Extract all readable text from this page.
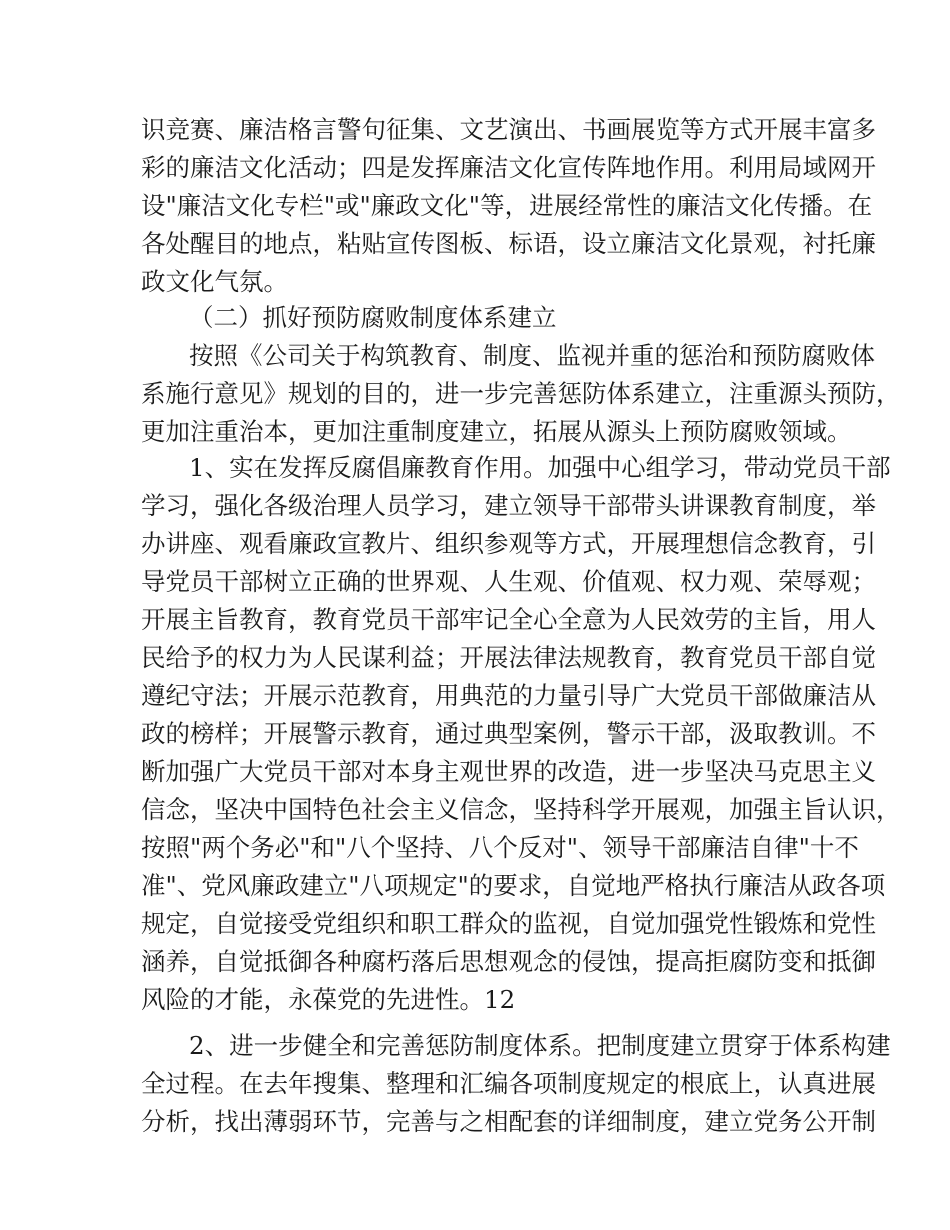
识竞赛、廉洁格言警句征集、文艺演出、书画展览等方式开展丰富多
彩的廉洁文化活动；四是发挥廉洁文化宣传阵地作用。利用局域网开
设"廉洁文化专栏"或"廉政文化"等，进展经常性的廉洁文化传播。在
各处醒目的地点，粘贴宣传图板、标语，设立廉洁文化景观，衬托廉
政文化气氛。
（二）抓好预防腐败制度体系建立
按照《公司关于构筑教育、制度、监视并重的惩治和预防腐败体
系施行意见》规划的目的，进一步完善惩防体系建立，注重源头预防，
更加注重治本，更加注重制度建立，拓展从源头上预防腐败领域。
1、实在发挥反腐倡廉教育作用。加强中心组学习，带动党员干部
学习，强化各级治理人员学习，建立领导干部带头讲课教育制度，举
办讲座、观看廉政宣教片、组织参观等方式，开展理想信念教育，引
导党员干部树立正确的世界观、人生观、价值观、权力观、荣辱观；
开展主旨教育，教育党员干部牢记全心全意为人民效劳的主旨，用人
民给予的权力为人民谋利益；开展法律法规教育，教育党员干部自觉
遵纪守法；开展示范教育，用典范的力量引导广大党员干部做廉洁从
政的榜样；开展警示教育，通过典型案例，警示干部，汲取教训。不
断加强广大党员干部对本身主观世界的改造，进一步坚决马克思主义
信念，坚决中国特色社会主义信念，坚持科学开展观，加强主旨认识，
按照"两个务必"和"八个坚持、八个反对"、领导干部廉洁自律"十不
准"、党风廉政建立"八项规定"的要求，自觉地严格执行廉洁从政各项
规定，自觉接受党组织和职工群众的监视，自觉加强党性锻炼和党性
涵养，自觉抵御各种腐朽落后思想观念的侵蚀，提高拒腐防变和抵御
风险的才能，永葆党的先进性。12
2、进一步健全和完善惩防制度体系。把制度建立贯穿于体系构建
全过程。在去年搜集、整理和汇编各项制度规定的根底上，认真进展
分析，找出薄弱环节，完善与之相配套的详细制度，建立党务公开制
